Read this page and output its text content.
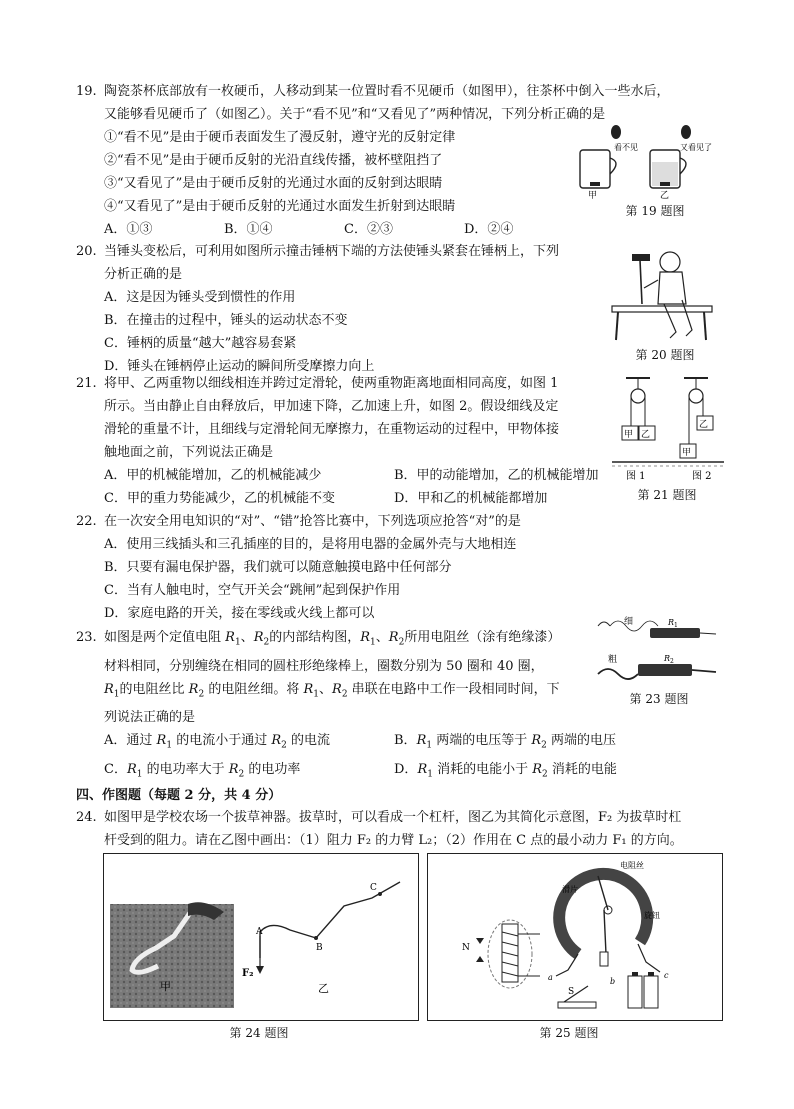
19. 陶瓷茶杯底部放有一枚硬币，人移动到某一位置时看不见硬币（如图甲），往茶杯中倒入一些水后，

又能够看见硬币了（如图乙）。关于“看不见”和“又看见了”两种情况，下列分析正确的是

①“看不见”是由于硬币表面发生了漫反射，遵守光的反射定律

②“看不见”是由于硬币反射的光沿直线传播，被杯壁阻挡了

③“又看见了”是由于硬币反射的光通过水面的反射到达眼睛

④“又看见了”是由于硬币反射的光通过水面发生折射到达眼睛

A．①③	B．①④	C．②③	D．②④
看不见	又看见了
甲	乙
第 19 题图

20. 当锤头变松后，可利用如图所示撞击锤柄下端的方法使锤头紧套在锤柄上，下列

分析正确的是

A．这是因为锤头受到惯性的作用

B．在撞击的过程中，锤头的运动状态不变

C．锤柄的质量“越大”越容易套紧

D．锤头在锤柄停止运动的瞬间所受摩擦力向上

第 20 题图

21. 将甲、乙两重物以细线相连并跨过定滑轮，使两重物距离地面相同高度，如图 1

所示。当由静止自由释放后，甲加速下降，乙加速上升，如图 2。假设细线及定

滑轮的重量不计，且细线与定滑轮间无摩擦力，在重物运动的过程中，甲物体接

触地面之前，下列说法正确是

A．甲的机械能增加，乙的机械能减少	B．甲的动能增加，乙的机械能增加
C．甲的重力势能减少，乙的机械能不变	D．甲和乙的机械能都增加
甲 乙
乙
甲
图 1	图 2
第 21 题图

22. 在一次安全用电知识的“对”、“错”抢答比赛中，下列选项应抢答“对”的是

A．使用三线插头和三孔插座的目的，是将用电器的金属外壳与大地相连

B．只要有漏电保护器，我们就可以随意触摸电路中任何部分

C．当有人触电时，空气开关会“跳闸”起到保护作用

D．家庭电路的开关，接在零线或火线上都可以

23. 如图是两个定值电阻 $R_1$、$R_2$的内部结构图，$R_1$、$R_2$所用电阻丝（涂有绝缘漆）

材料相同，分别缠绕在相同的圆柱形绝缘棒上，圈数分别为 50 圈和 40 圈，

$R_1$的电阻丝比 $R_2$ 的电阻丝细。将 $R_1$、$R_2$ 串联在电路中工作一段相同时间，下

列说法正确的是

A．通过 $R_1$ 的电流小于通过 $R_2$ 的电流	B．$R_1$ 两端的电压等于 $R_2$ 两端的电压
C．$R_1$ 的电功率大于 $R_2$ 的电功率	D．$R_1$ 消耗的电能小于 $R_2$ 消耗的电能
细	R 1
粗	R 2
第 23 题图
四、作图题（每题 2 分，共 4 分）

24. 如图甲是学校农场一个拔草神器。拔草时，可以看成一个杠杆，图乙为其简化示意图，F₂ 为拔草时杠

杆受到的阻力。请在乙图中画出：（1）阻力 F₂ 的力臂 L₂；（2）作用在 C 点的最小动力 F₁ 的方向。

甲
A
B
C
F₂
乙
第 24 题图
电阻丝
滑片
旋钮
a	b
c
N
S
第 25 题图
